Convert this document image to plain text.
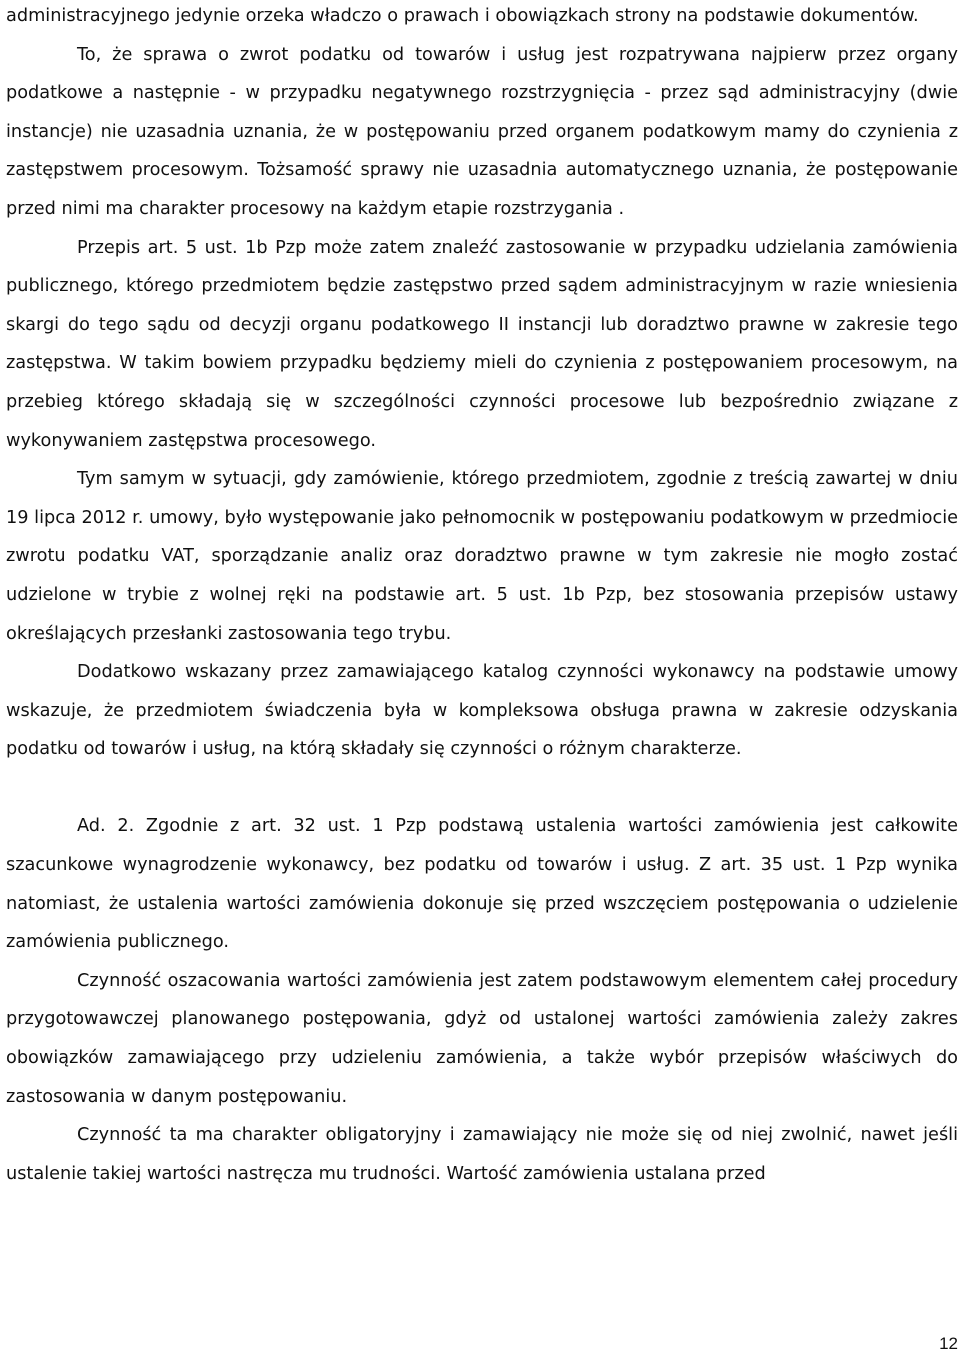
administracyjnego jedynie orzeka władczo o prawach i obowiązkach strony na podstawie dokumentów.

To, że sprawa o zwrot podatku od towarów i usług jest rozpatrywana najpierw przez organy podatkowe a następnie - w przypadku negatywnego rozstrzygnięcia - przez sąd administracyjny (dwie instancje) nie uzasadnia uznania, że w postępowaniu przed organem podatkowym mamy do czynienia z zastępstwem procesowym. Tożsamość sprawy nie uzasadnia automatycznego uznania, że postępowanie przed nimi ma charakter procesowy na każdym etapie rozstrzygania .

Przepis art. 5 ust. 1b Pzp może zatem znaleźć zastosowanie w przypadku udzielania zamówienia publicznego, którego przedmiotem będzie zastępstwo przed sądem administracyjnym w razie wniesienia skargi do tego sądu od decyzji organu podatkowego II instancji lub doradztwo prawne w zakresie tego zastępstwa. W takim bowiem przypadku będziemy mieli do czynienia z postępowaniem procesowym, na przebieg którego składają się w szczególności czynności procesowe lub bezpośrednio związane z wykonywaniem zastępstwa procesowego.

Tym samym w sytuacji, gdy zamówienie, którego przedmiotem, zgodnie z treścią zawartej w dniu 19 lipca 2012 r. umowy, było występowanie jako pełnomocnik w postępowaniu podatkowym w przedmiocie zwrotu podatku VAT, sporządzanie analiz oraz doradztwo prawne w tym zakresie nie mogło zostać udzielone w trybie z wolnej ręki na podstawie art. 5 ust. 1b Pzp, bez stosowania przepisów ustawy określających przesłanki zastosowania tego trybu.

Dodatkowo wskazany przez zamawiającego katalog czynności wykonawcy na podstawie umowy wskazuje, że przedmiotem świadczenia była w kompleksowa obsługa prawna w zakresie odzyskania podatku od towarów i usług, na którą składały się czynności o różnym charakterze.

Ad. 2. Zgodnie z art. 32 ust. 1 Pzp podstawą ustalenia wartości zamówienia jest całkowite szacunkowe wynagrodzenie wykonawcy, bez podatku od towarów i usług. Z art. 35 ust. 1 Pzp wynika natomiast, że ustalenia wartości zamówienia dokonuje się przed wszczęciem postępowania o udzielenie zamówienia publicznego.

Czynność oszacowania wartości zamówienia jest zatem podstawowym elementem całej procedury przygotowawczej planowanego postępowania, gdyż od ustalonej wartości zamówienia zależy zakres obowiązków zamawiającego przy udzieleniu zamówienia, a także wybór przepisów właściwych do zastosowania w danym postępowaniu.

Czynność ta ma charakter obligatoryjny i zamawiający nie może się od niej zwolnić, nawet jeśli ustalenie takiej wartości nastręcza mu trudności. Wartość zamówienia ustalana przed

12
